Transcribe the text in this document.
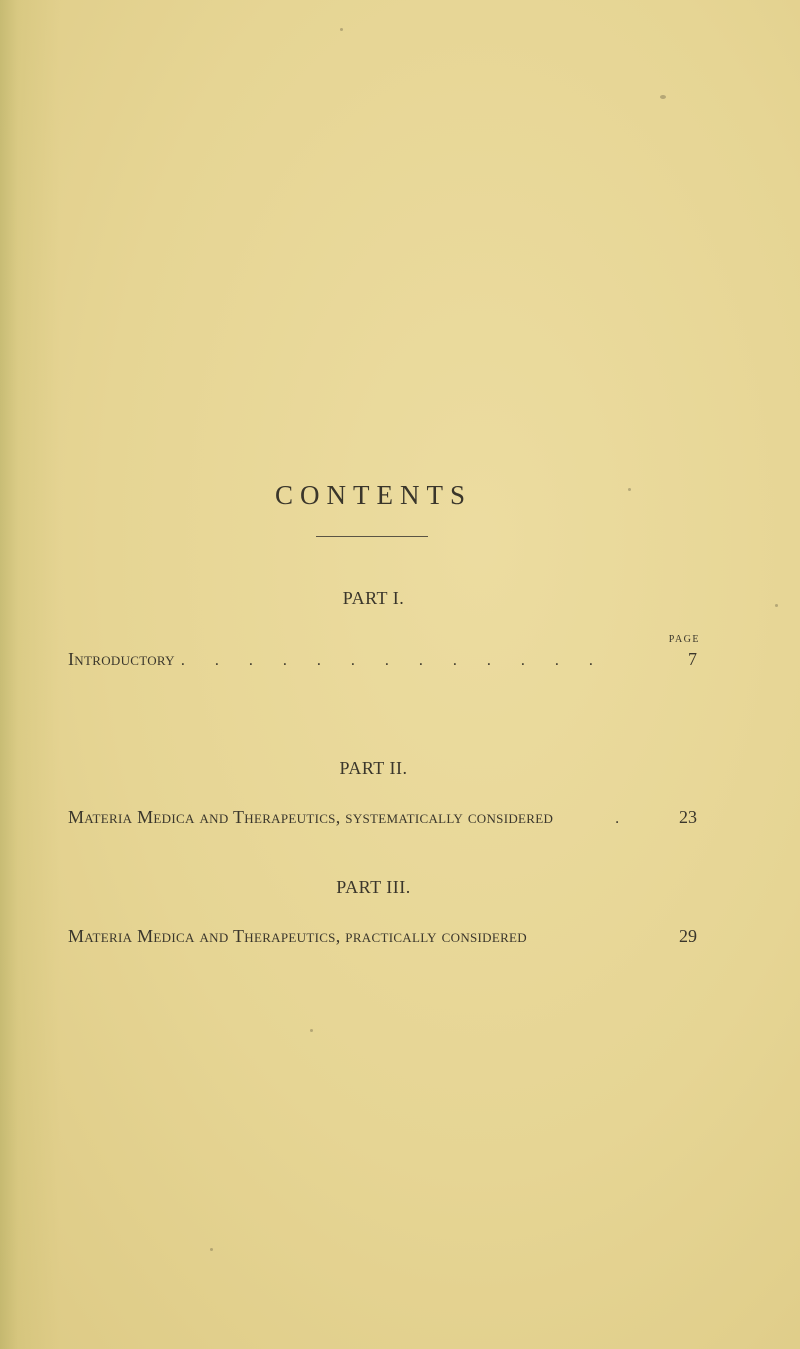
CONTENTS
PART I.
PAGE
Introductory . . . . . . . . . . . . .	7
PART II.
Materia Medica and Therapeutics, systematically considered	.	23
PART III.
Materia Medica and Therapeutics, practically considered	29
